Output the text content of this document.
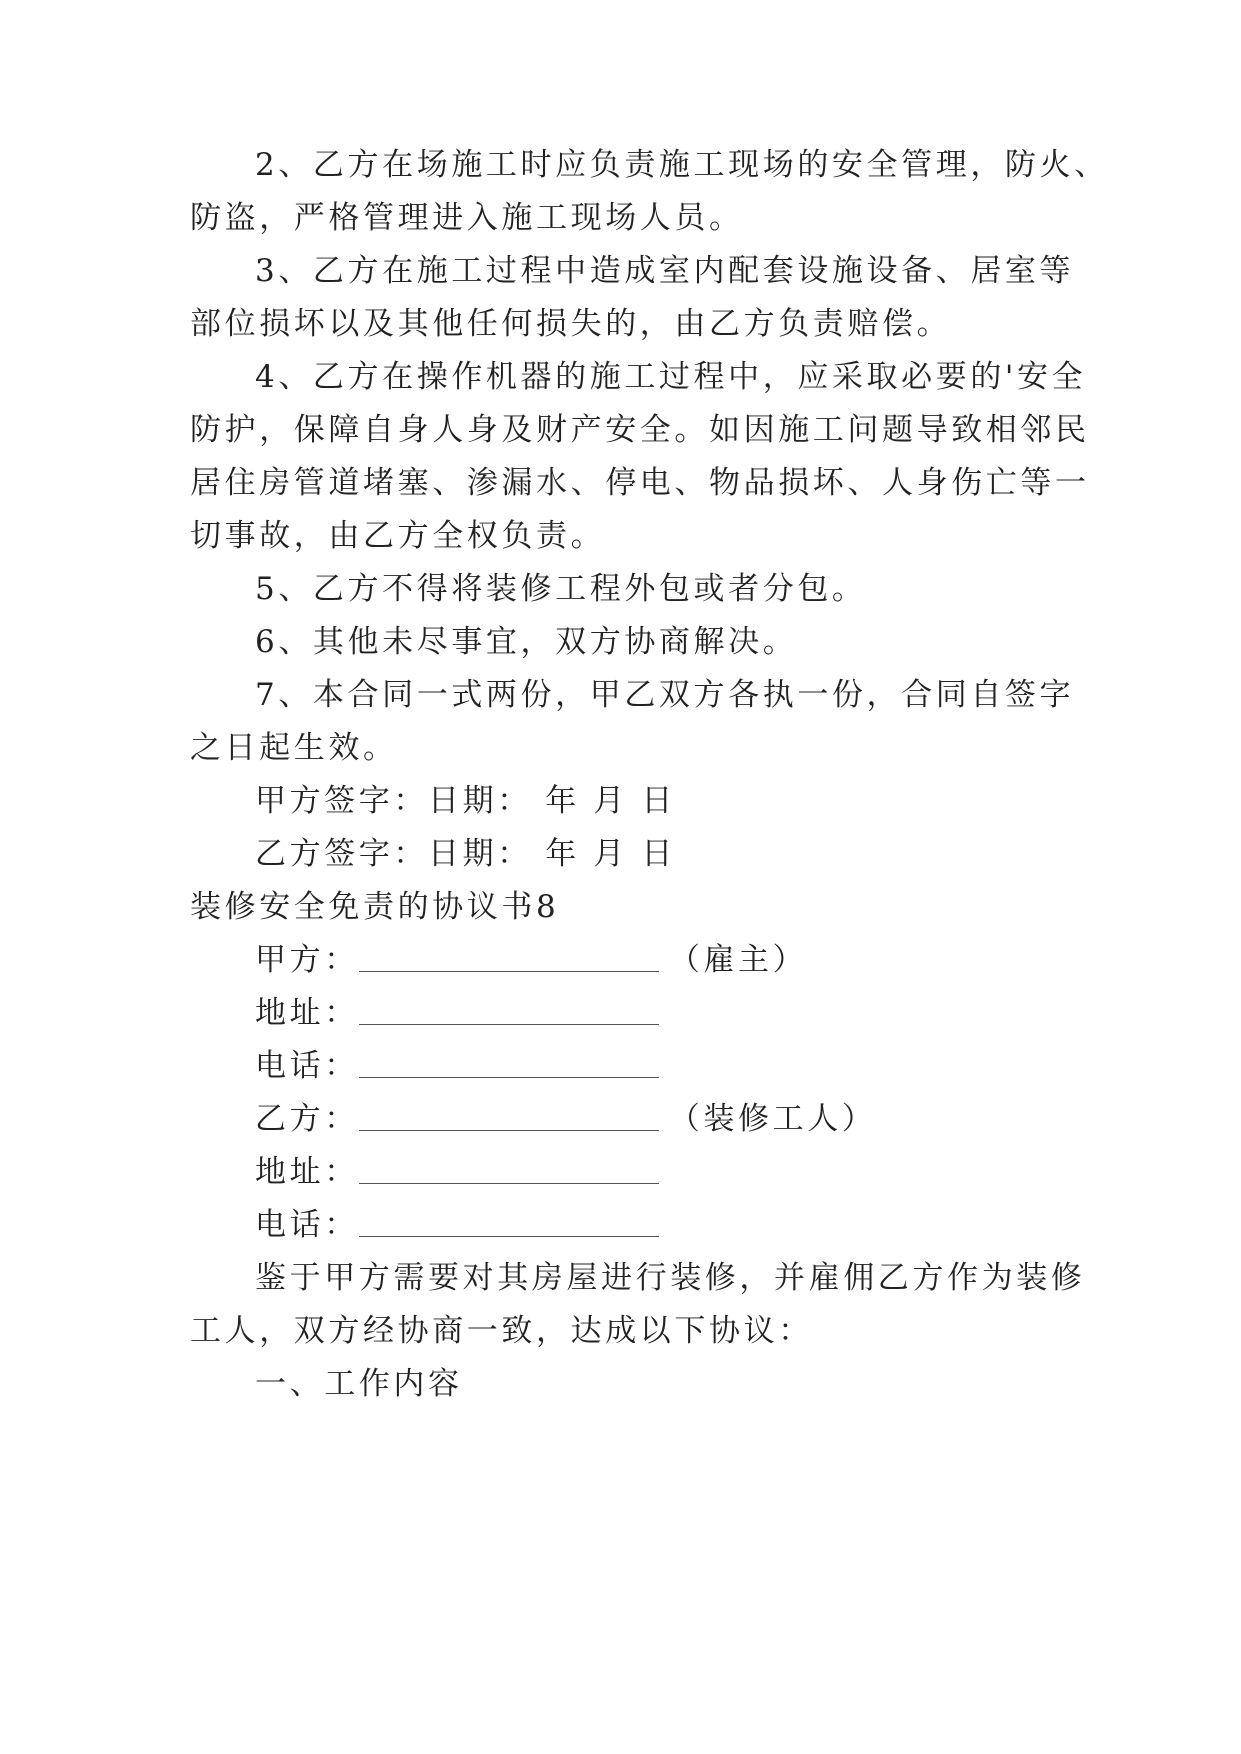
2、乙方在场施工时应负责施工现场的安全管理，防火、
防盗，严格管理进入施工现场人员。
3、乙方在施工过程中造成室内配套设施设备、居室等
部位损坏以及其他任何损失的，由乙方负责赔偿。
4、乙方在操作机器的施工过程中，应采取必要的'安全
防护，保障自身人身及财产安全。如因施工问题导致相邻民
居住房管道堵塞、渗漏水、停电、物品损坏、人身伤亡等一
切事故，由乙方全权负责。
5、乙方不得将装修工程外包或者分包。
6、其他未尽事宜，双方协商解决。
7、本合同一式两份，甲乙双方各执一份，合同自签字
之日起生效。
甲方签字：日期： 年 月 日
乙方签字：日期： 年 月 日
装修安全免责的协议书8
甲方：	（雇主）
地址：
电话：
乙方：	（装修工人）
地址：
电话：
鉴于甲方需要对其房屋进行装修，并雇佣乙方作为装修
工人，双方经协商一致，达成以下协议：
一、工作内容
